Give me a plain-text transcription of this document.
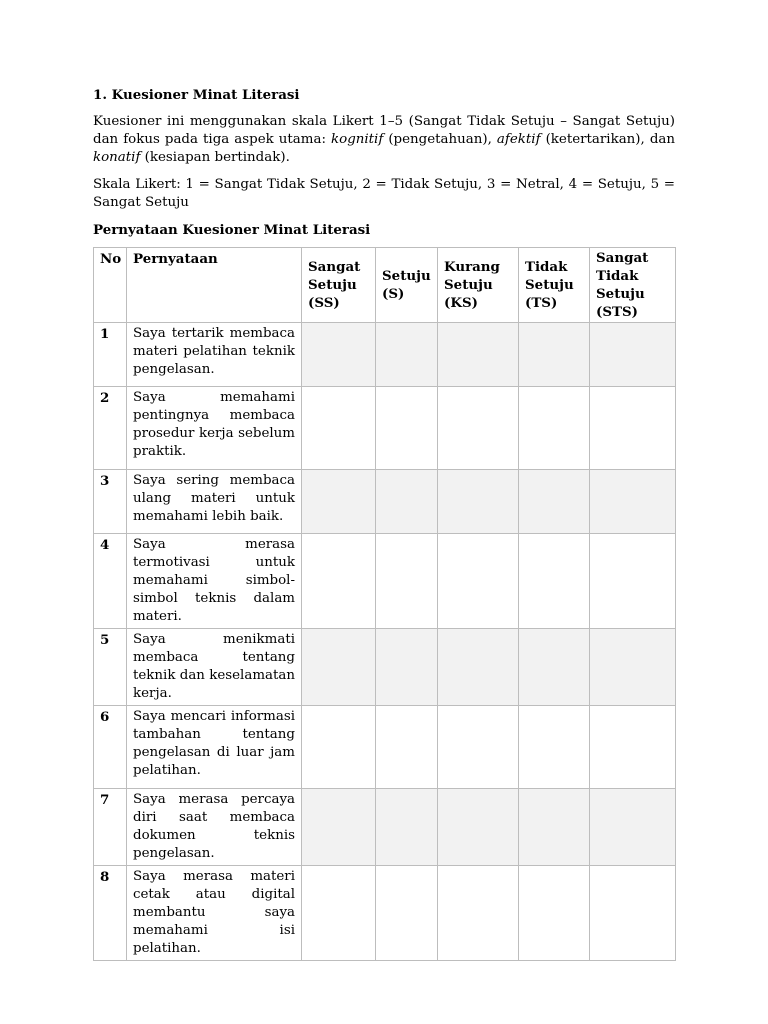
1. Kuesioner Minat Literasi
Kuesioner ini menggunakan skala Likert 1–5 (Sangat Tidak Setuju – Sangat Setuju) dan fokus pada tiga aspek utama: kognitif (pengetahuan), afektif (ketertarikan), dan konatif (kesiapan bertindak).
Skala Likert: 1 = Sangat Tidak Setuju, 2 = Tidak Setuju, 3 = Netral, 4 = Setuju, 5 = Sangat Setuju
Pernyataan Kuesioner Minat Literasi
No	Pernyataan	Sangat Setuju (SS)	Setuju (S)	Kurang Setuju (KS)	Tidak Setuju (TS)	Sangat Tidak Setuju (STS)

1	Saya tertarik membaca materi pelatihan teknik pengelasan.					

2	Saya memahami pentingnya membaca prosedur kerja sebelum praktik.					

3	Saya sering membaca ulang materi untuk memahami lebih baik.					

4	Saya merasa termotivasi untuk memahami simbol-simbol teknis dalam materi.					

5	Saya menikmati membaca tentang teknik dan keselamatan kerja.					

6	Saya mencari informasi tambahan tentang pengelasan di luar jam pelatihan.					

7	Saya merasa percaya diri saat membaca dokumen teknis pengelasan.					

8	Saya merasa materi cetak atau digital membantu saya memahami isi pelatihan.					
